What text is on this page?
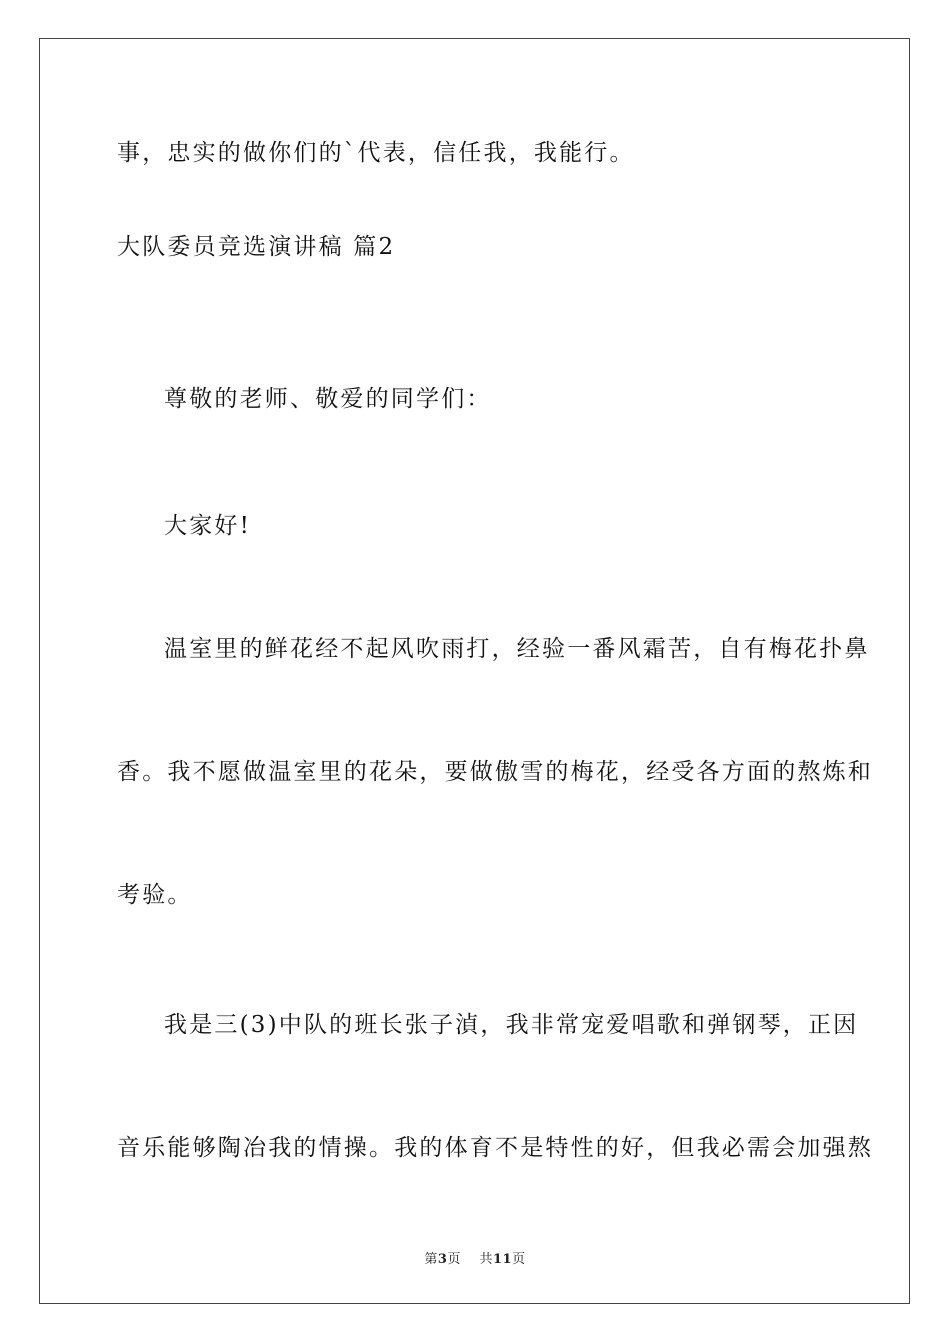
事，忠实的做你们的`代表，信任我，我能行。
大队委员竞选演讲稿 篇2
尊敬的老师、敬爱的同学们：
大家好!
温室里的鲜花经不起风吹雨打，经验一番风霜苦，自有梅花扑鼻
香。我不愿做温室里的花朵，要做傲雪的梅花，经受各方面的熬炼和
考验。
我是三(3)中队的班长张子湞，我非常宠爱唱歌和弹钢琴，正因
音乐能够陶冶我的情操。我的体育不是特性的好，但我必需会加强熬
第3页 共11页
